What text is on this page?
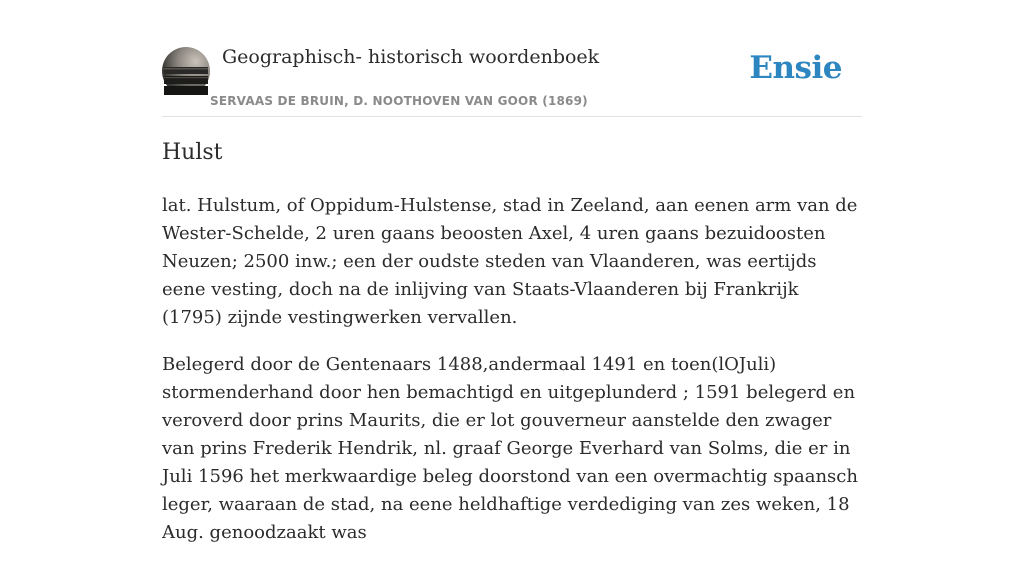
Geographisch- historisch woordenboek
SERVAAS DE BRUIN, D. NOOTHOVEN VAN GOOR (1869)
Ensie
Hulst

lat. Hulstum, of Oppidum-Hulstense, stad in Zeeland, aan eenen arm van de Wester-Schelde, 2 uren gaans beoosten Axel, 4 uren gaans bezuidoosten Neuzen; 2500 inw.; een der oudste steden van Vlaanderen, was eertijds eene vesting, doch na de inlijving van Staats-Vlaanderen bij Frankrijk (1795) zijnde vestingwerken vervallen.

Belegerd door de Gentenaars 1488,andermaal 1491 en toen(lOJuli) stormenderhand door hen bemachtigd en uitgeplunderd ; 1591 belegerd en veroverd door prins Maurits, die er lot gouverneur aanstelde den zwager van prins Frederik Hendrik, nl. graaf George Everhard van Solms, die er in Juli 1596 het merkwaardige beleg doorstond van een overmachtig spaansch leger, waaraan de stad, na eene heldhaftige verdediging van zes weken, 18 Aug. genoodzaakt was
